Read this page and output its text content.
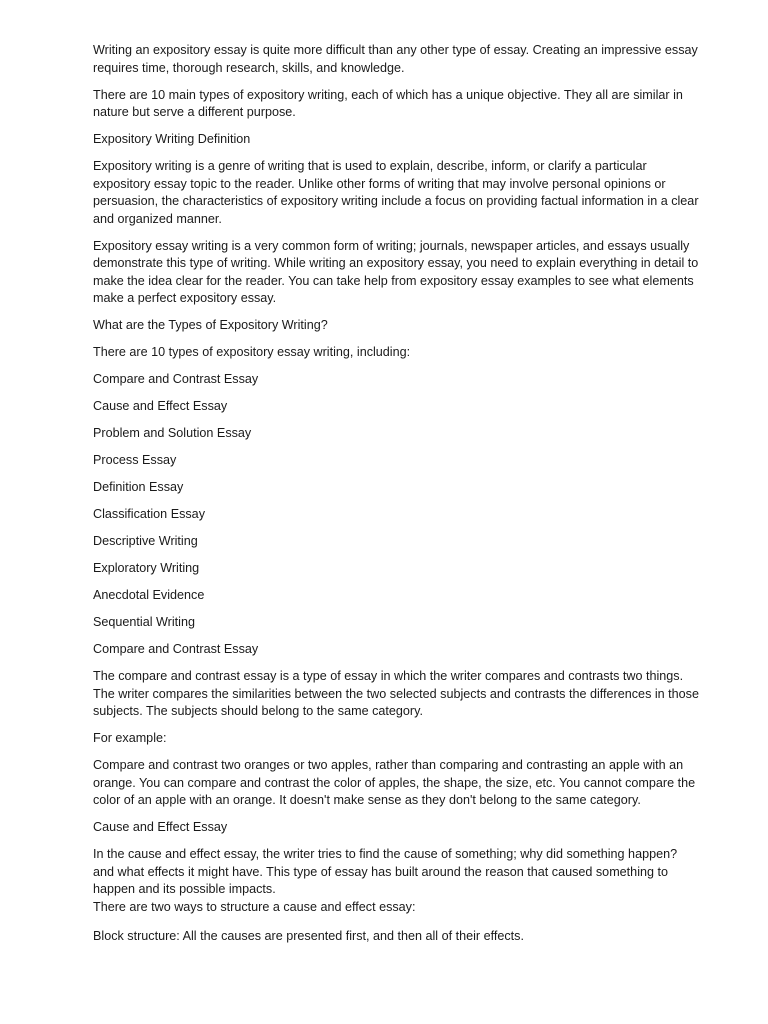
Writing an expository essay is quite more difficult than any other type of essay. Creating an impressive essay requires time, thorough research, skills, and knowledge.

There are 10 main types of expository writing, each of which has a unique objective. They all are similar in nature but serve a different purpose.

Expository Writing Definition

Expository writing is a genre of writing that is used to explain, describe, inform, or clarify a particular expository essay topic to the reader. Unlike other forms of writing that may involve personal opinions or persuasion, the characteristics of expository writing include a focus on providing factual information in a clear and organized manner.

Expository essay writing is a very common form of writing; journals, newspaper articles, and essays usually demonstrate this type of writing. While writing an expository essay, you need to explain everything in detail to make the idea clear for the reader. You can take help from expository essay examples to see what elements make a perfect expository essay.

What are the Types of Expository Writing?

There are 10 types of expository essay writing, including:

Compare and Contrast Essay

Cause and Effect Essay

Problem and Solution Essay

Process Essay

Definition Essay

Classification Essay

Descriptive Writing

Exploratory Writing

Anecdotal Evidence

Sequential Writing

Compare and Contrast Essay

The compare and contrast essay is a type of essay in which the writer compares and contrasts two things. The writer compares the similarities between the two selected subjects and contrasts the differences in those subjects. The subjects should belong to the same category.

For example:

Compare and contrast two oranges or two apples, rather than comparing and contrasting an apple with an orange. You can compare and contrast the color of apples, the shape, the size, etc. You cannot compare the color of an apple with an orange. It doesn't make sense as they don't belong to the same category.

Cause and Effect Essay

In the cause and effect essay, the writer tries to find the cause of something; why did something happen? and what effects it might have. This type of essay has built around the reason that caused something to happen and its possible impacts.

There are two ways to structure a cause and effect essay:

Block structure: All the causes are presented first, and then all of their effects.
